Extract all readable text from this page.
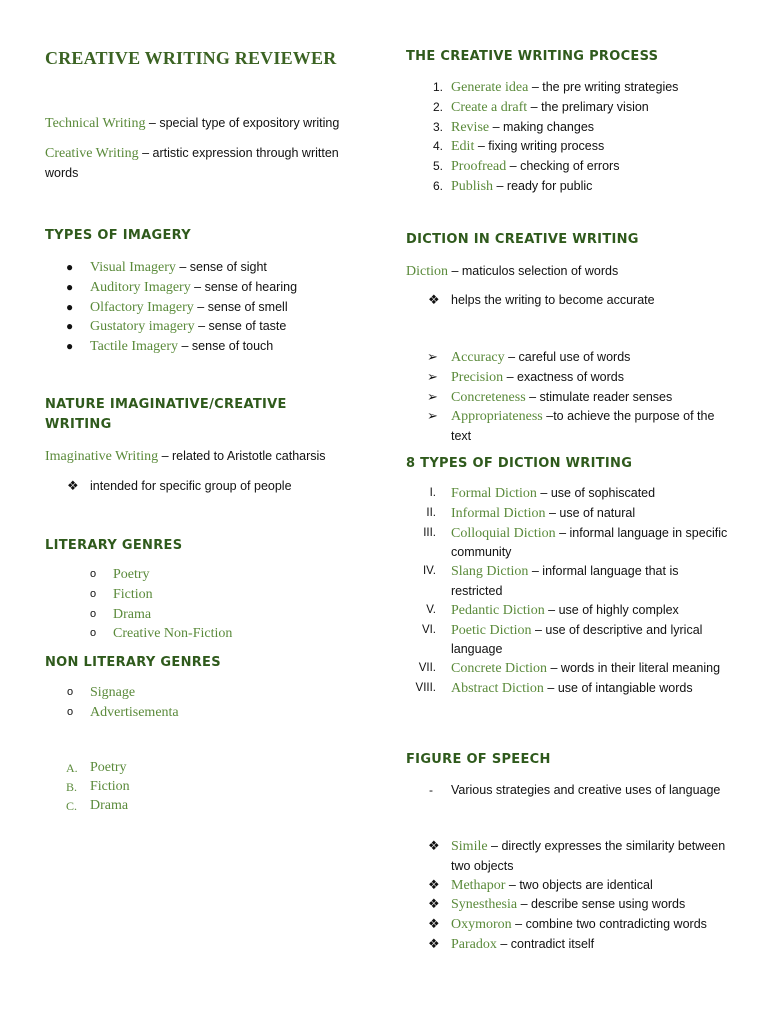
CREATIVE WRITING REVIEWER
Technical Writing – special type of expository writing
Creative Writing – artistic expression through written words
TYPES OF IMAGERY
● Visual Imagery – sense of sight
● Auditory Imagery – sense of hearing
● Olfactory Imagery – sense of smell
● Gustatory imagery – sense of taste
● Tactile Imagery – sense of touch
NATURE IMAGINATIVE/CREATIVE
WRITING
Imaginative Writing – related to Aristotle catharsis
❖ intended for specific group of people
LITERARY GENRES
o Poetry
o Fiction
o Drama
o Creative Non-Fiction
NON LITERARY GENRES
o Signage
o Advertisementa
A. Poetry
B. Fiction
C. Drama
THE CREATIVE WRITING PROCESS
1. Generate idea – the pre writing strategies
2. Create a draft – the prelimary vision
3. Revise – making changes
4. Edit – fixing writing process
5. Proofread – checking of errors
6. Publish – ready for public
DICTION IN CREATIVE WRITING
Diction – maticulos selection of words
❖ helps the writing to become accurate
➢ Accuracy – careful use of words
➢ Precision – exactness of words
➢ Concreteness – stimulate reader senses
➢ Appropriateness –to achieve the purpose of the text
8 TYPES OF DICTION WRITING
I. Formal Diction – use of sophiscated
II. Informal Diction – use of natural
III. Colloquial Diction – informal language in specific community
IV. Slang Diction – informal language that is restricted
V. Pedantic Diction – use of highly complex
VI. Poetic Diction – use of descriptive and lyrical language
VII. Concrete Diction – words in their literal meaning
VIII. Abstract Diction – use of intangiable words
FIGURE OF SPEECH
- Various strategies and creative uses of language
❖ Simile – directly expresses the similarity between two objects
❖ Methapor – two objects are identical
❖ Synesthesia – describe sense using words
❖ Oxymoron – combine two contradicting words
❖ Paradox – contradict itself
